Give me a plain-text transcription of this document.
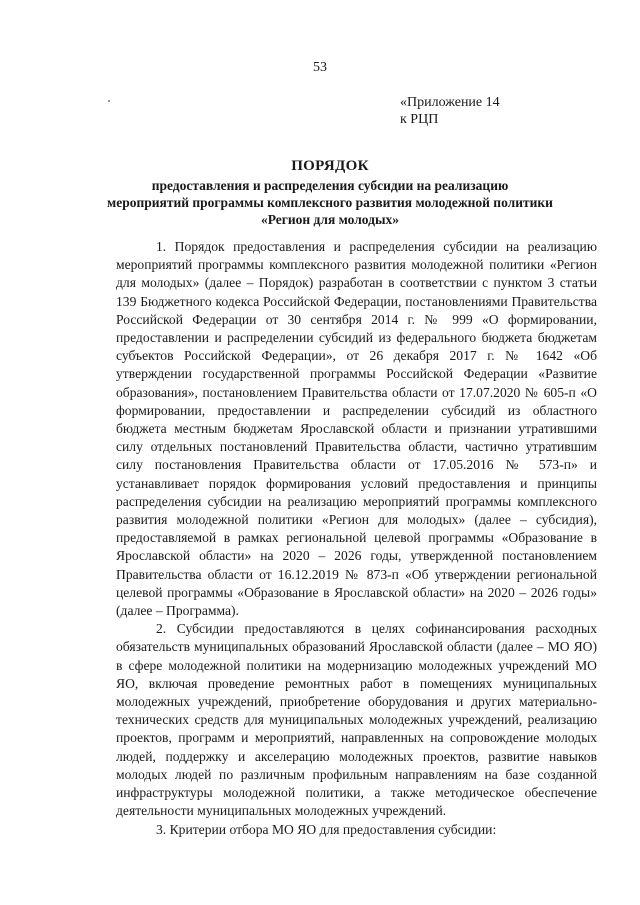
53
«Приложение 14
к РЦП
ПОРЯДОК
предоставления и распределения субсидии на реализацию
мероприятий программы комплексного развития молодежной политики
«Регион для молодых»

1. Порядок предоставления и распределения субсидии на реализацию мероприятий программы комплексного развития молодежной политики «Регион для молодых» (далее – Порядок) разработан в соответствии с пунктом 3 статьи 139 Бюджетного кодекса Российской Федерации, постановлениями Правительства Российской Федерации от 30 сентября 2014 г. № 999 «О формировании, предоставлении и распределении субсидий из федерального бюджета бюджетам субъектов Российской Федерации», от 26 декабря 2017 г. № 1642 «Об утверждении государственной программы Российской Федерации «Развитие образования», постановлением Правительства области от 17.07.2020 № 605-п «О формировании, предоставлении и распределении субсидий из областного бюджета местным бюджетам Ярославской области и признании утратившими силу отдельных постановлений Правительства области, частично утратившим силу постановления Правительства области от 17.05.2016 № 573-п» и устанавливает порядок формирования условий предоставления и принципы распределения субсидии на реализацию мероприятий программы комплексного развития молодежной политики «Регион для молодых» (далее – субсидия), предоставляемой в рамках региональной целевой программы «Образование в Ярославской области» на 2020 – 2026 годы, утвержденной постановлением Правительства области от 16.12.2019 № 873-п «Об утверждении региональной целевой программы «Образование в Ярославской области» на 2020 – 2026 годы» (далее – Программа).

2. Субсидии предоставляются в целях софинансирования расходных обязательств муниципальных образований Ярославской области (далее – МО ЯО) в сфере молодежной политики на модернизацию молодежных учреждений МО ЯО, включая проведение ремонтных работ в помещениях муниципальных молодежных учреждений, приобретение оборудования и других материально-технических средств для муниципальных молодежных учреждений, реализацию проектов, программ и мероприятий, направленных на сопровождение молодых людей, поддержку и акселерацию молодежных проектов, развитие навыков молодых людей по различным профильным направлениям на базе созданной инфраструктуры молодежной политики, а также методическое обеспечение деятельности муниципальных молодежных учреждений.

3. Критерии отбора МО ЯО для предоставления субсидии:
